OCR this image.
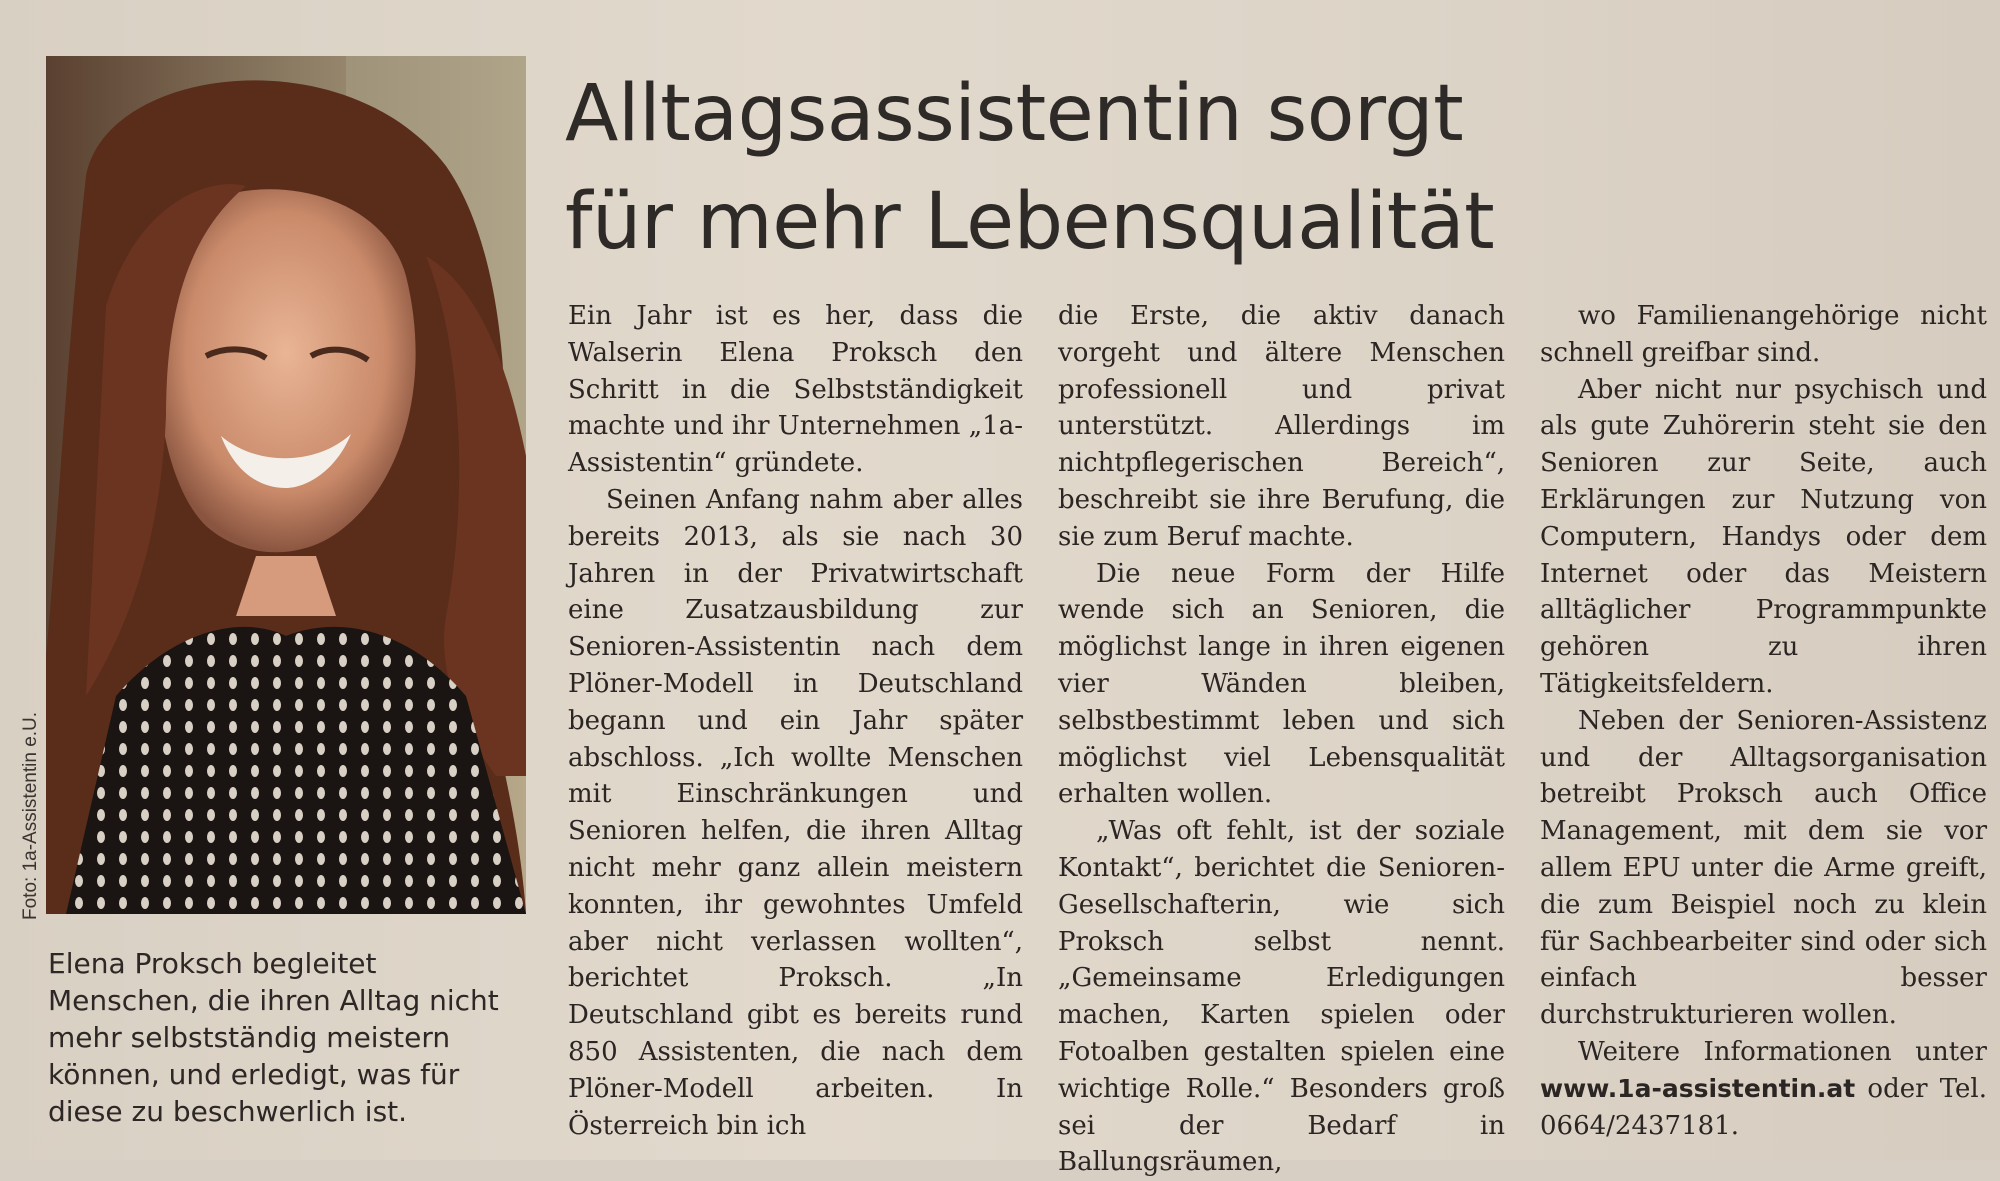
Foto: 1a-Assistentin e.U.
Elena Proksch begleitet Menschen, die ihren Alltag nicht mehr selbstständig meistern können, und erledigt, was für diese zu beschwerlich ist.
Alltagsassistentin sorgt
für mehr Lebensqualität

Ein Jahr ist es her, dass die Walserin Elena Proksch den Schritt in die Selbstständigkeit machte und ihr Unternehmen „1a-Assistentin“ gründete.

Seinen Anfang nahm aber alles bereits 2013, als sie nach 30 Jahren in der Privatwirtschaft eine Zusatzausbildung zur Senioren-Assistentin nach dem Plöner-Modell in Deutschland begann und ein Jahr später abschloss. „Ich wollte Menschen mit Einschränkungen und Senioren helfen, die ihren Alltag nicht mehr ganz allein meistern konnten, ihr gewohntes Umfeld aber nicht verlassen wollten“, berichtet Proksch. „In Deutschland gibt es bereits rund 850 Assistenten, die nach dem Plöner-Modell arbeiten. In Österreich bin ich

die Erste, die aktiv danach vorgeht und ältere Menschen professionell und privat unterstützt. Allerdings im nichtpflegerischen Bereich“, beschreibt sie ihre Berufung, die sie zum Beruf machte.

Die neue Form der Hilfe wende sich an Senioren, die möglichst lange in ihren eigenen vier Wänden bleiben, selbstbestimmt leben und sich möglichst viel Lebensqualität erhalten wollen.

„Was oft fehlt, ist der soziale Kontakt“, berichtet die Senioren-Gesellschafterin, wie sich Proksch selbst nennt. „Gemeinsame Erledigungen machen, Karten spielen oder Fotoalben gestalten spielen eine wichtige Rolle.“ Besonders groß sei der Bedarf in Ballungsräumen,

wo Familienangehörige nicht schnell greifbar sind.

Aber nicht nur psychisch und als gute Zuhörerin steht sie den Senioren zur Seite, auch Erklärungen zur Nutzung von Computern, Handys oder dem Internet oder das Meistern alltäglicher Programmpunkte gehören zu ihren Tätigkeitsfeldern.

Neben der Senioren-Assistenz und der Alltagsorganisation betreibt Proksch auch Office Management, mit dem sie vor allem EPU unter die Arme greift, die zum Beispiel noch zu klein für Sachbearbeiter sind oder sich einfach besser durchstrukturieren wollen.

Weitere Informationen unter www.1a-assistentin.at oder Tel. 0664/2437181.
